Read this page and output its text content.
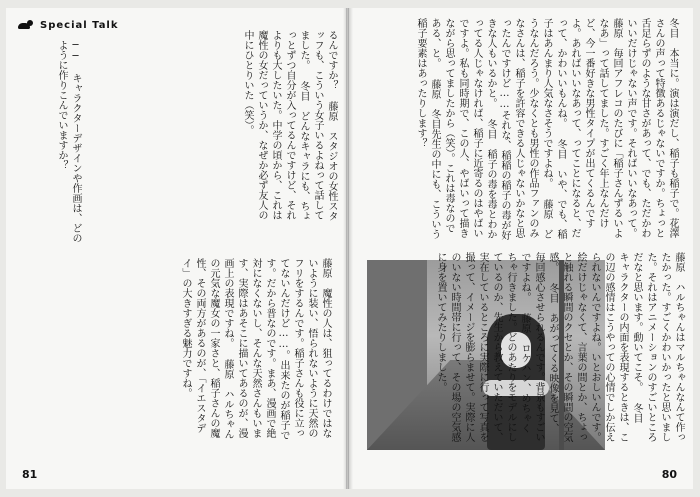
Special Talk
るんですか？ 藤原　スタジオの女性スタッフも、こういう女子いるよねって話してました。 冬目　どんなキャラにも、ちょっとずつ自分が入ってるんですけど、それよりも大したいた。中学の頃から、これは魔性の女だっていうか、なぜか必ず友人の中にひとりいた（笑）。
── キャラクターデザインや作画は、どのように作りこんでいますか？
藤原　魔性の人は、狙ってるわけではないように装い、悟られないように天然のフリをするんです。稲子さんも役に立ってないんだけど……。出来たのが稲子です。だから普なのです。まあ、漫画で絶対になくないし、そんな天然さんもいます、実際はあそこに描いてあるのが、漫画上の表現ですね。 藤原　ハルちゃんの元気な魔女の一家さと、稲子さんの魔性、その両方があるのが、「イエスタデイ」の大きすぎる魅力ですね。
81
冬目　本当に。演は演だし、稲子も稲子で。花澤さんの声って特徴あるじゃないですか。ちょっと舌足らずのような甘さがあって、でも、ただかわいいだけじゃない声です。そればいいなあって。 藤原　毎回アフレコのたびに「稲子さんずるいよなあ」って話してました。すごく年上なんだけど、今一番好きな男性タイプが出てくるんですよ。あればいいなあって、ってことになると、だって、かわいいもんね。 冬目　いや、でも、稲子はあんまり人気なさそうですよね。 藤原　どうなんだろう。少なくとも男性の作品ファンのみなさんは、稲子を許容できる人じゃないかなと思ったんですけど……それな、稲稲の稲子の毒が好きな人もいるかと。 冬目　稲子の毒を毒とわかってる人じゃなければ、稲子に近寄るのはやばいですよ。私も同時期で、この人、やばいって描きながら思ってましたから（笑）。これは毒なのである、と。 藤原　冬目先生の中にも、こういう稲子要素はあったりします？
藤原　ハルちゃんはマルちゃんなんて作ったかった。すごくかわいかったと思いました。それはアニメーションのすごいところだなと思います。動いてこそ。 冬目　キャラクターの内面を表現するときは、この辺の感情はこうやっての心情でしか伝えられないんですよね。いとおしいんです。絵だけじゃなくて、言葉の間とか、ちょっと触れる瞬間のクセとか、その瞬間の空気感。 冬目　あがってくる映像を見て、毎回感心させられるんです。背景もすごいですよね。 藤原　ロケハン、めちゃくちゃ行きました。どのあたりをモデルにしているのか、先生から教えていただいて、実在しているところに実際に行って写真を撮って、イメージを膨らませて。実際に人のいない時間帯に行って、その場の空気感に身を置いてみたりしました。
80
